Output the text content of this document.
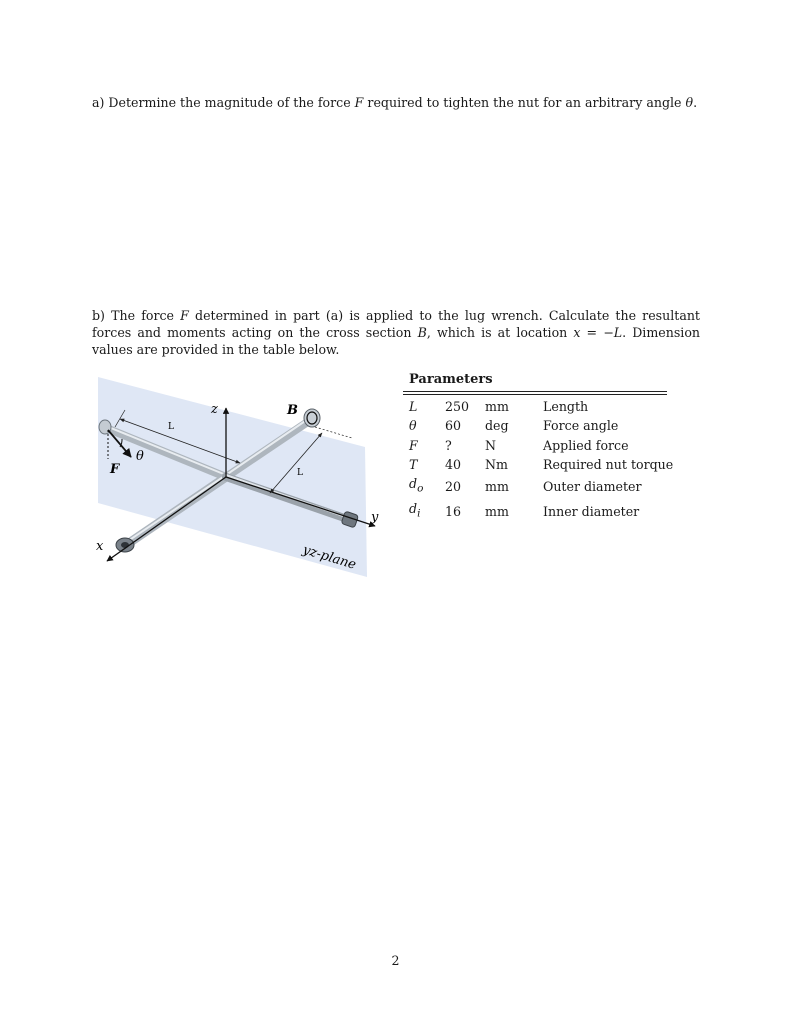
a) Determine the magnitude of the force F required to tighten the nut for an arbitrary angle θ.

b) The force F determined in part (a) is applied to the lug wrench. Calculate the resultant forces and moments acting on the cross section B, which is at location x = −L. Dimension values are provided in the table below.

z	B
L
L
F
θ
y
x	yz-plane
Parameters
L	250	mm	Length
θ	60	deg	Force angle
F	?	N	Applied force
T	40	Nm	Required nut torque
$d_o$	20	mm	Outer diameter
$d_i$	16	mm	Inner diameter
2
